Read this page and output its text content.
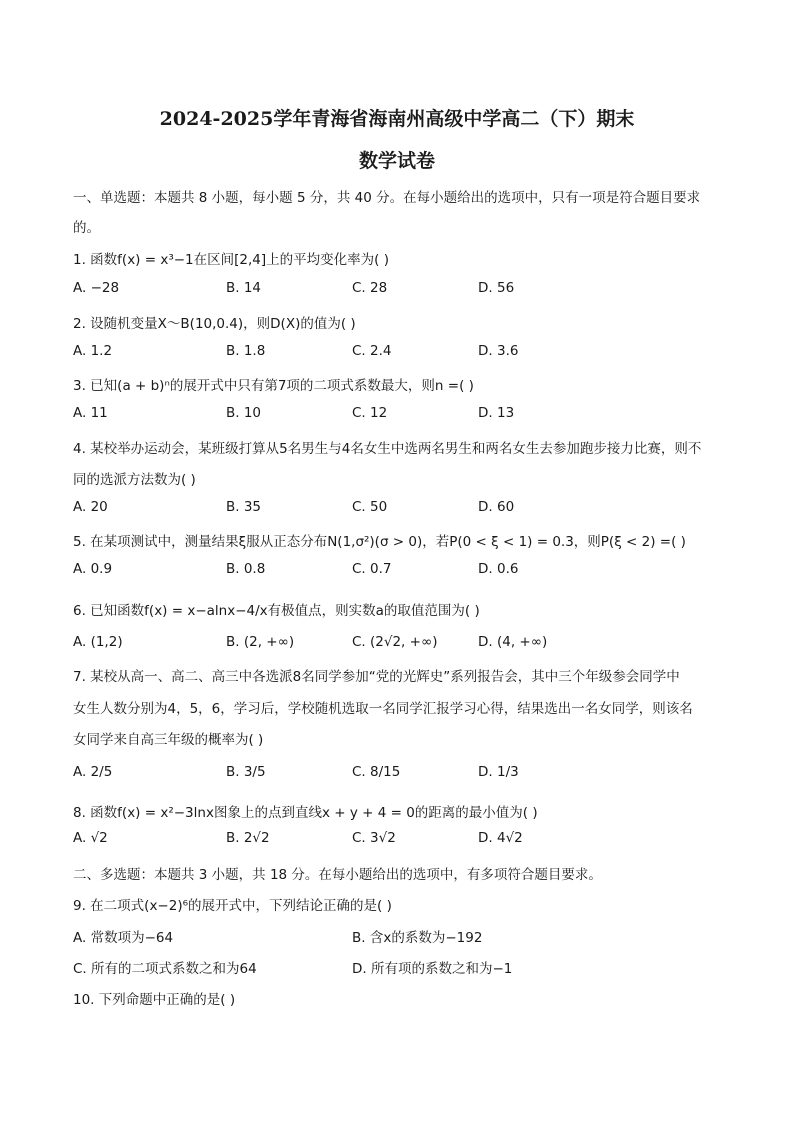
2024-2025学年青海省海南州高级中学高二（下）期末
数学试卷
一、单选题：本题共 8 小题，每小题 5 分，共 40 分。在每小题给出的选项中，只有一项是符合题目要求
的。
1. 函数f(x) = x³−1在区间[2,4]上的平均变化率为( )
A. −28	B. 14	C. 28	D. 56
2. 设随机变量X～B(10,0.4)，则D(X)的值为( )
A. 1.2	B. 1.8	C. 2.4	D. 3.6
3. 已知(a + b)ⁿ的展开式中只有第7项的二项式系数最大，则n =( )
A. 11	B. 10	C. 12	D. 13
4. 某校举办运动会，某班级打算从5名男生与4名女生中选两名男生和两名女生去参加跑步接力比赛，则不
同的选派方法数为( )
A. 20	B. 35	C. 50	D. 60
5. 在某项测试中，测量结果ξ服从正态分布N(1,σ²)(σ > 0)，若P(0 < ξ < 1) = 0.3，则P(ξ < 2) =( )
A. 0.9	B. 0.8	C. 0.7	D. 0.6
6. 已知函数f(x) = x−alnx−4/x有极值点，则实数a的取值范围为( )
A. (1,2)	B. (2, +∞)	C. (2√2, +∞)	D. (4, +∞)
7. 某校从高一、高二、高三中各选派8名同学参加“党的光辉史”系列报告会，其中三个年级参会同学中
女生人数分别为4，5，6，学习后，学校随机选取一名同学汇报学习心得，结果选出一名女同学，则该名
女同学来自高三年级的概率为( )
A. 2/5	B. 3/5	C. 8/15	D. 1/3
8. 函数f(x) = x²−3lnx图象上的点到直线x + y + 4 = 0的距离的最小值为( )
A. √2	B. 2√2	C. 3√2	D. 4√2
二、多选题：本题共 3 小题，共 18 分。在每小题给出的选项中，有多项符合题目要求。
9. 在二项式(x−2)⁶的展开式中，下列结论正确的是( )
A. 常数项为−64	B. 含x的系数为−192
C. 所有的二项式系数之和为64	D. 所有项的系数之和为−1
10. 下列命题中正确的是( )
